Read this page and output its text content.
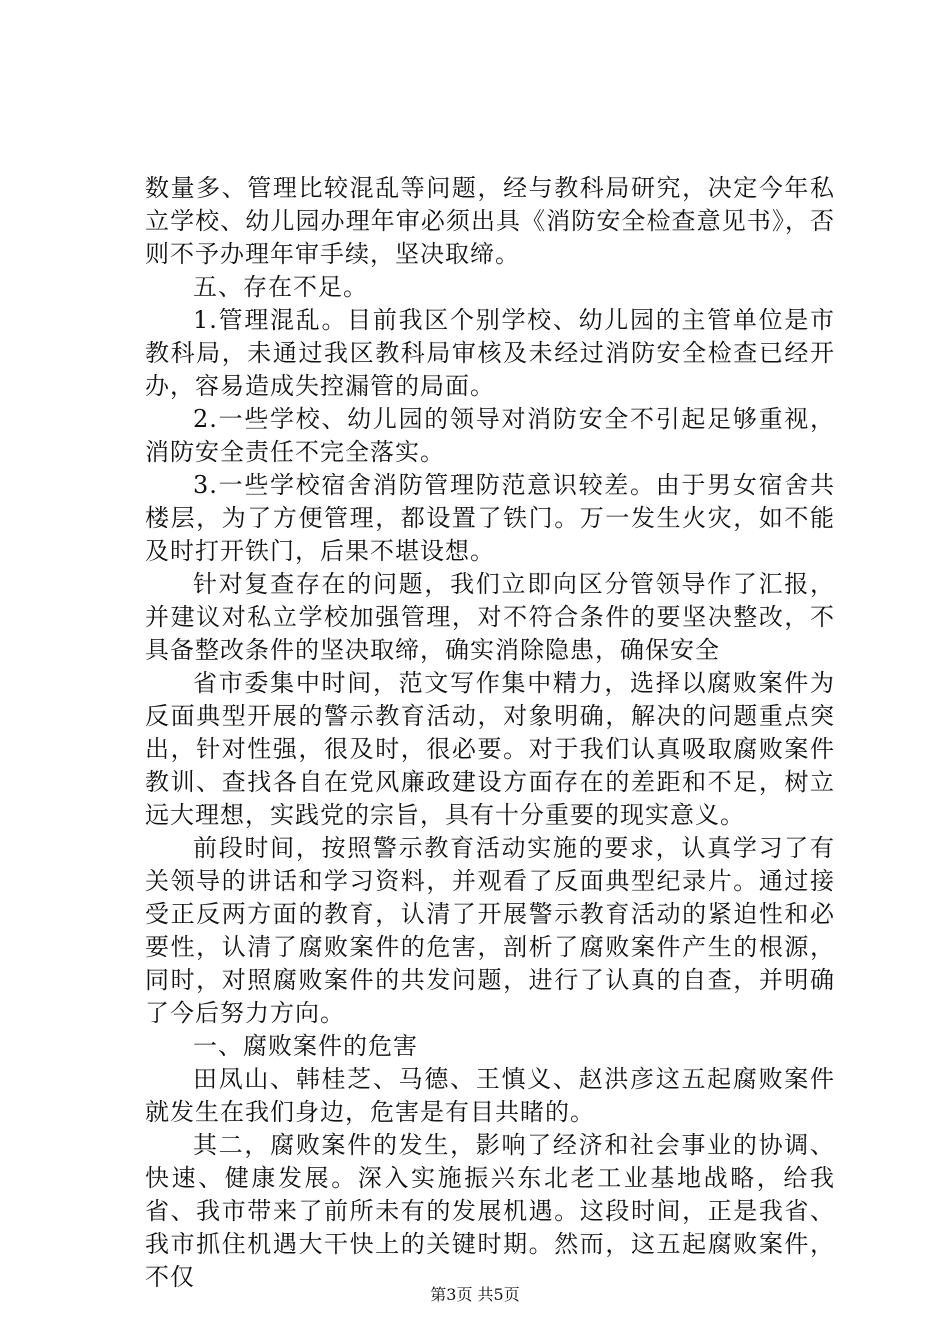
数量多、管理比较混乱等问题，经与教科局研究，决定今年私立学校、幼儿园办理年审必须出具《消防安全检查意见书》，否则不予办理年审手续，坚决取缔。

五、存在不足。

1.管理混乱。目前我区个别学校、幼儿园的主管单位是市教科局，未通过我区教科局审核及未经过消防安全检查已经开办，容易造成失控漏管的局面。

2.一些学校、幼儿园的领导对消防安全不引起足够重视，消防安全责任不完全落实。

3.一些学校宿舍消防管理防范意识较差。由于男女宿舍共楼层，为了方便管理，都设置了铁门。万一发生火灾，如不能及时打开铁门，后果不堪设想。

针对复查存在的问题，我们立即向区分管领导作了汇报，并建议对私立学校加强管理，对不符合条件的要坚决整改，不具备整改条件的坚决取缔，确实消除隐患，确保安全

省市委集中时间，范文写作集中精力，选择以腐败案件为反面典型开展的警示教育活动，对象明确，解决的问题重点突出，针对性强，很及时，很必要。对于我们认真吸取腐败案件教训、查找各自在党风廉政建设方面存在的差距和不足，树立远大理想，实践党的宗旨，具有十分重要的现实意义。

前段时间，按照警示教育活动实施的要求，认真学习了有关领导的讲话和学习资料，并观看了反面典型纪录片。通过接受正反两方面的教育，认清了开展警示教育活动的紧迫性和必要性，认清了腐败案件的危害，剖析了腐败案件产生的根源，同时，对照腐败案件的共发问题，进行了认真的自查，并明确了今后努力方向。

一、腐败案件的危害

田凤山、韩桂芝、马德、王慎义、赵洪彦这五起腐败案件就发生在我们身边，危害是有目共睹的。

其二，腐败案件的发生，影响了经济和社会事业的协调、快速、健康发展。深入实施振兴东北老工业基地战略，给我省、我市带来了前所未有的发展机遇。这段时间，正是我省、我市抓住机遇大干快上的关键时期。然而，这五起腐败案件，不仅

第3页 共5页
